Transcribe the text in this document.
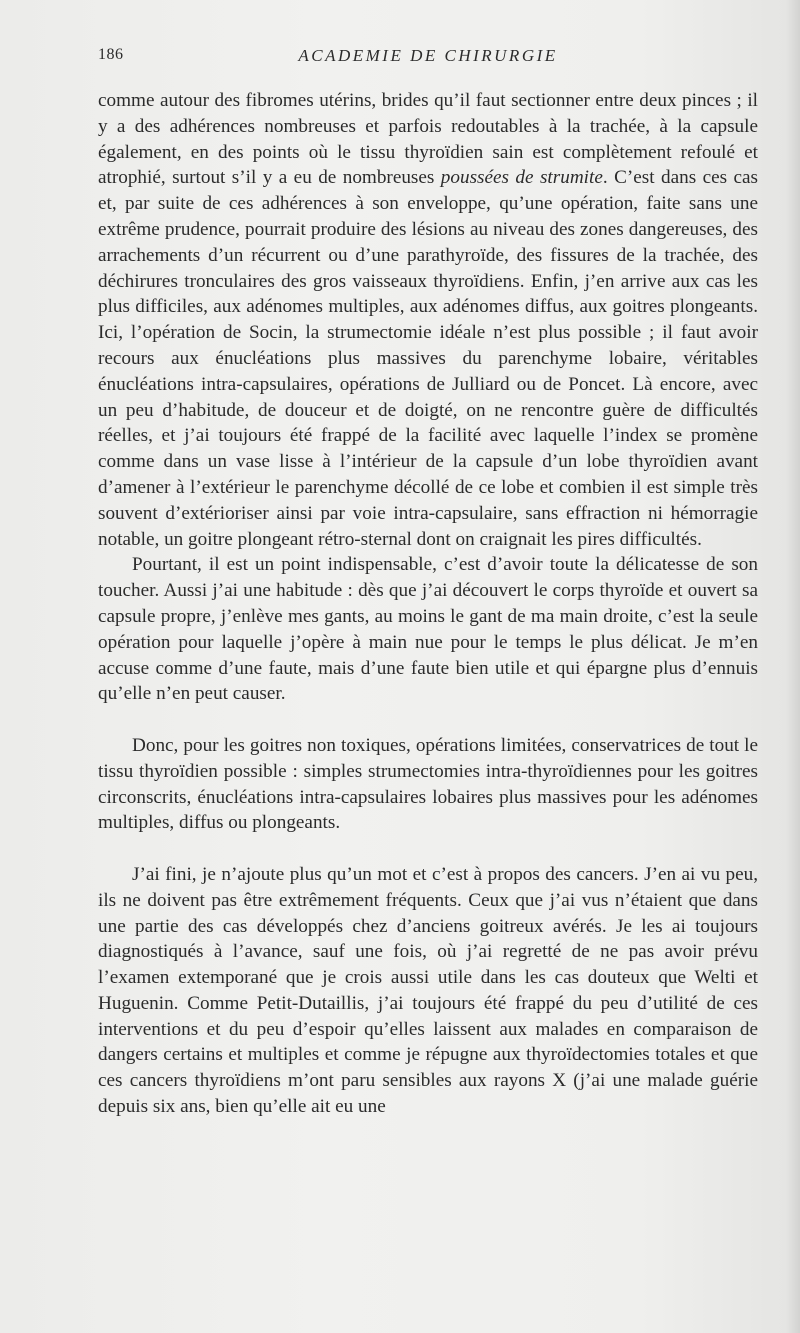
186	ACADEMIE DE CHIRURGIE

comme autour des fibromes utérins, brides qu’il faut sectionner entre deux pinces ; il y a des adhérences nombreuses et parfois redoutables à la trachée, à la capsule également, en des points où le tissu thyroïdien sain est complètement refoulé et atrophié, surtout s’il y a eu de nombreuses poussées de strumite. C’est dans ces cas et, par suite de ces adhérences à son enveloppe, qu’une opération, faite sans une extrême prudence, pourrait produire des lésions au niveau des zones dangereuses, des arrachements d’un récurrent ou d’une parathyroïde, des fissures de la trachée, des déchirures tronculaires des gros vaisseaux thyroïdiens. Enfin, j’en arrive aux cas les plus difficiles, aux adénomes multiples, aux adénomes diffus, aux goitres plongeants. Ici, l’opération de Socin, la strumectomie idéale n’est plus possible ; il faut avoir recours aux énucléations plus massives du parenchyme lobaire, véritables énucléations intra-capsulaires, opérations de Julliard ou de Poncet. Là encore, avec un peu d’habitude, de douceur et de doigté, on ne rencontre guère de difficultés réelles, et j’ai toujours été frappé de la facilité avec laquelle l’index se promène comme dans un vase lisse à l’intérieur de la capsule d’un lobe thyroïdien avant d’amener à l’extérieur le parenchyme décollé de ce lobe et combien il est simple très souvent d’extérioriser ainsi par voie intra-capsulaire, sans effraction ni hémorragie notable, un goitre plongeant rétro-sternal dont on craignait les pires difficultés.

Pourtant, il est un point indispensable, c’est d’avoir toute la délicatesse de son toucher. Aussi j’ai une habitude : dès que j’ai découvert le corps thyroïde et ouvert sa capsule propre, j’enlève mes gants, au moins le gant de ma main droite, c’est la seule opération pour laquelle j’opère à main nue pour le temps le plus délicat. Je m’en accuse comme d’une faute, mais d’une faute bien utile et qui épargne plus d’ennuis qu’elle n’en peut causer.

Donc, pour les goitres non toxiques, opérations limitées, conservatrices de tout le tissu thyroïdien possible : simples strumectomies intra-thyroïdiennes pour les goitres circonscrits, énucléations intra-capsulaires lobaires plus massives pour les adénomes multiples, diffus ou plongeants.

J’ai fini, je n’ajoute plus qu’un mot et c’est à propos des cancers. J’en ai vu peu, ils ne doivent pas être extrêmement fréquents. Ceux que j’ai vus n’étaient que dans une partie des cas développés chez d’anciens goitreux avérés. Je les ai toujours diagnostiqués à l’avance, sauf une fois, où j’ai regretté de ne pas avoir prévu l’examen extemporané que je crois aussi utile dans les cas douteux que Welti et Huguenin. Comme Petit-Dutaillis, j’ai toujours été frappé du peu d’utilité de ces interventions et du peu d’espoir qu’elles laissent aux malades en comparaison de dangers certains et multiples et comme je répugne aux thyroïdectomies totales et que ces cancers thyroïdiens m’ont paru sensibles aux rayons X (j’ai une malade guérie depuis six ans, bien qu’elle ait eu une
